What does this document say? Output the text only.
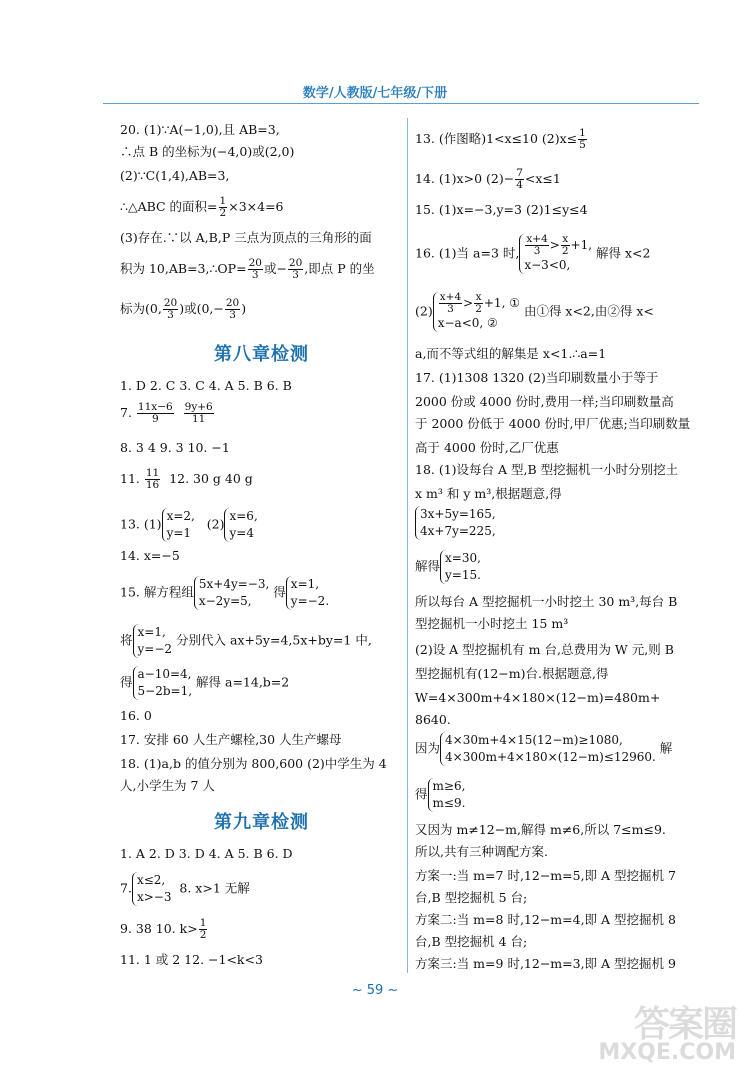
数学/人教版/七年级/下册
20. (1)∵A(−1,0),且 AB=3,
∴点 B 的坐标为(−4,0)或(2,0)
(2)∵C(1,4),AB=3,
∴△ABC 的面积= $\frac{1}{2} \times 3\times 4=6$
(3)存在.∵以 A,B,P 三点为顶点的三角形的面
积为 10,AB=3,∴OP= $\frac{20}{3}$ 或− $\frac{20}{3}$ ,即点 P 的坐
标为(0, $\frac{20}{3}$ )或($0,- \frac{20}{3}$ )
第八章检测
1. D 2. C 3. C 4. A 5. B 6. B
7. $\frac{11x-6}{9}$
$\frac{9y+6}{11}$
8. 3 4 9. 3 10. −1
11. $\frac{11}{16} 12$. 30 g 40 g
13. (1)
x=2,
y=1
(2)
x=6,
y=4
14. x=−5
15. 解方程组
5x+4y=−3,
x−2y=5,
得
x=1,
y=−2.
将
x=1,
y=−2
分别代入 ax+5y=4,5x+by=1 中,
得
a−10=4,
5−2b=1,
解得 a=14,b=2
16. 0
17. 安排 60 人生产螺栓,30 人生产螺母
18. (1)a,b 的值分别为 800,600 (2)中学生为 4
人,小学生为 7 人
第九章检测
1. A 2. D 3. D 4. A 5. B 6. D
7.
x≤2,
x>−3
8. x>1 无解
9. 38 10. $k> \frac{1}{2}$
11. 1 或 2 12. −1<k<3
13. (作图略)1<x≤10 $(2)x\le \frac{1}{5}$
14. (1)x>0 $(2)- \frac{7}{4} <x\le 1$
15. (1)x=−3,y=3 (2)1≤y≤4
16. (1)当 a=3 时, $\frac{x+4}{3} > \frac{x}{2} +1$,
x−3<0,
解得 x<2
$(2) \frac{x+4}{3} > \frac{x}{2} +1$, ①
x−a<0, ②
由①得 x<2,由②得 x<
a,而不等式组的解集是 x<1.∴a=1
17. (1)1308 1320 (2)当印刷数量小于等于
2000 份或 4000 份时,费用一样;当印刷数量高
于 2000 份低于 4000 份时,甲厂优惠;当印刷数量
高于 4000 份时,乙厂优惠
18. (1)设每台 A 型,B 型挖掘机一小时分别挖土
x m³ 和 y m³,根据题意,得
3x+5y=165,
4x+7y=225,
解得
x=30,
y=15.
所以每台 A 型挖掘机一小时挖土 30 m³,每台 B
型挖掘机一小时挖土 15 m³
(2)设 A 型挖掘机有 m 台,总费用为 W 元,则 B
型挖掘机有(12−m)台.根据题意,得
W=4×300m+4×180×(12−m)=480m+
8640.
因为
4×30m+4×15(12−m)≥1080,
4×300m+4×180×(12−m)≤12960.
解
得
m≥6,
m≤9.
又因为 m≠12−m,解得 m≠6,所以 7≤m≤9.
所以,共有三种调配方案.
方案一:当 m=7 时,12−m=5,即 A 型挖掘机 7
台,B 型挖掘机 5 台;
方案二:当 m=8 时,12−m=4,即 A 型挖掘机 8
台,B 型挖掘机 4 台;
方案三:当 m=9 时,12−m=3,即 A 型挖掘机 9
~ 59 ~
答案圈
MXQE.COM
